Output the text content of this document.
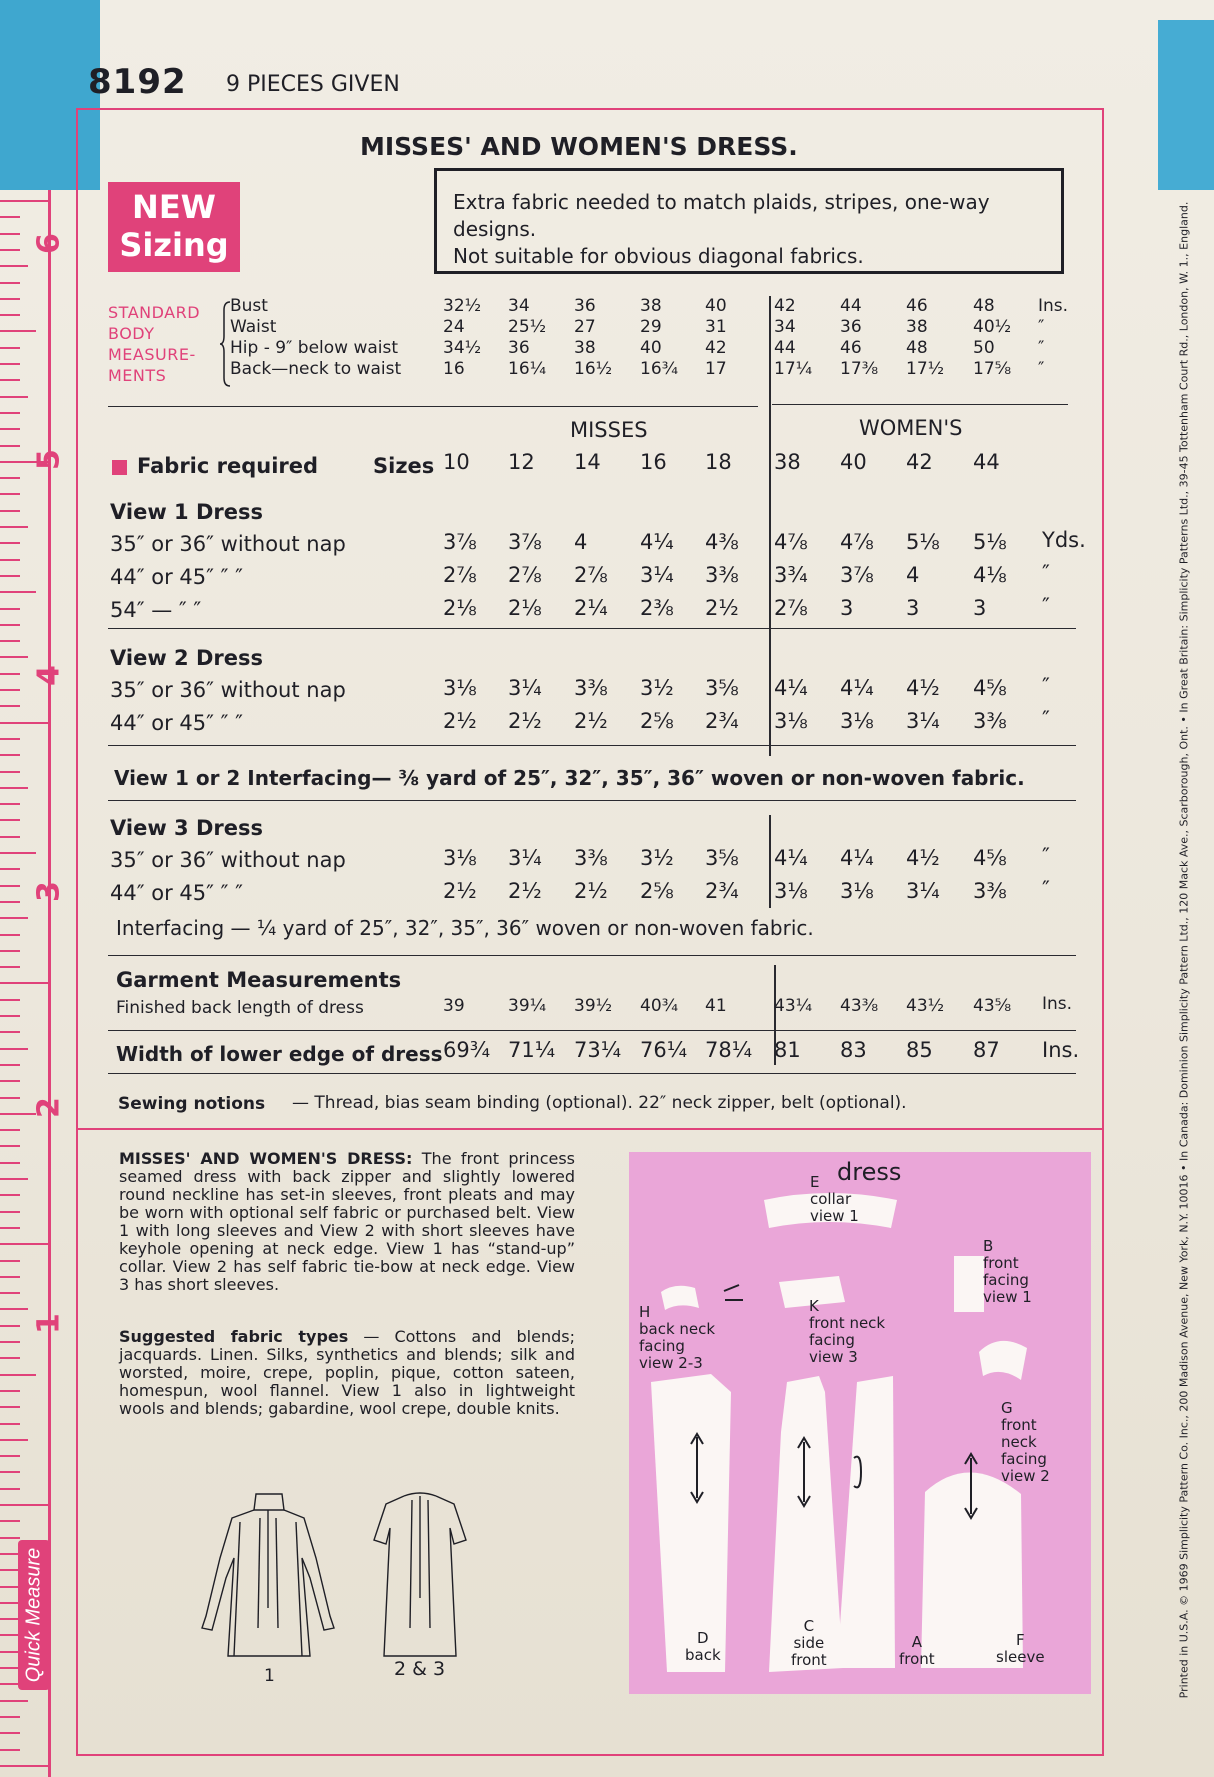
6
5
4
3
2
1
Quick Measure
8192 9 PIECES GIVEN
MISSES' AND WOMEN'S DRESS.
NEW
Sizing
Extra fabric needed to match plaids, stripes, one-way designs.
Not suitable for obvious diagonal fabrics.
STANDARD
BODY
MEASURE-
MENTS
Bust	32½ 34	36	38	40	42	44	46	48	Ins.
Waist	24	25½ 27	29	31	34	36	38	40½ ″
Hip - 9″ below waist	34½ 36	38	40	42	44	46	48	50	″
Back—neck to waist 16	16¼ 16½ 16¾ 17	17¼ 17⅜ 17½ 17⅝ ″
MISSES	WOMEN'S
Fabric required	Sizes 10 12 14 16 18 38 40 42 44
View 1 Dress
35″ or 36″ without nap	3⅞ 3⅞ 4	4¼ 4⅜ 4⅞ 4⅞ 5⅛ 5⅛ Yds.
44″ or 45″ ″ ″	2⅞ 2⅞ 2⅞ 3¼ 3⅜ 3¾ 3⅞ 4	4⅛ ″
54″ — ″ ″	2⅛ 2⅛ 2¼ 2⅜ 2½ 2⅞ 3	3	3	″
View 2 Dress
35″ or 36″ without nap	3⅛ 3¼ 3⅜ 3½ 3⅝ 4¼ 4¼ 4½ 4⅝ ″
44″ or 45″ ″ ″	2½ 2½ 2½ 2⅝ 2¾ 3⅛ 3⅛ 3¼ 3⅜ ″
View 1 or 2 Interfacing— ⅜ yard of 25″, 32″, 35″, 36″ woven or non-woven fabric.
View 3 Dress
35″ or 36″ without nap	3⅛ 3¼ 3⅜ 3½ 3⅝ 4¼ 4¼ 4½ 4⅝ ″
44″ or 45″ ″ ″	2½ 2½ 2½ 2⅝ 2¾ 3⅛ 3⅛ 3¼ 3⅜ ″
Interfacing — ¼ yard of 25″, 32″, 35″, 36″ woven or non-woven fabric.
Garment Measurements
Finished back length of dress	39	39¼ 39½ 40¾ 41	43¼ 43⅜ 43½ 43⅝ Ins.
Width of lower edge of dress 69¾ 71¼ 73¼ 76¼ 78¼ 81 83 85 87 Ins.
Sewing notions — Thread, bias seam binding (optional). 22″ neck zipper, belt (optional).
MISSES' AND WOMEN'S DRESS: The front princess seamed dress with back zipper and slightly lowered round neckline has set-in sleeves, front pleats and may be worn with optional self fabric or purchased belt. View 1 with long sleeves and View 2 with short sleeves have keyhole opening at neck edge. View 1 has “stand-up” collar. View 2 has self fabric tie-bow at neck edge. View 3 has short sleeves.
Suggested fabric types — Cottons and blends; jacquards. Linen. Silks, synthetics and blends; silk and worsted, moire, crepe, poplin, pique, cotton sateen, homespun, wool flannel. View 1 also in lightweight wools and blends; gabardine, wool crepe, double knits.
1	2 & 3
dress
E
collar
view 1
B
front
facing
view 1
H
back neck
facing
view 2-3
K
front neck
facing
view 3
G
front
neck
facing
view 2
D
back
C
side
front
A
front
F
sleeve	Printed in U.S.A. © 1969 Simplicity Pattern Co. Inc., 200 Madison Avenue, New York, N.Y. 10016 • In Canada: Dominion Simplicity Pattern Ltd., 120 Mack Ave., Scarborough, Ont. • In Great Britain: Simplicity Patterns Ltd., 39-45 Tottenham Court Rd., London, W. 1., England.
